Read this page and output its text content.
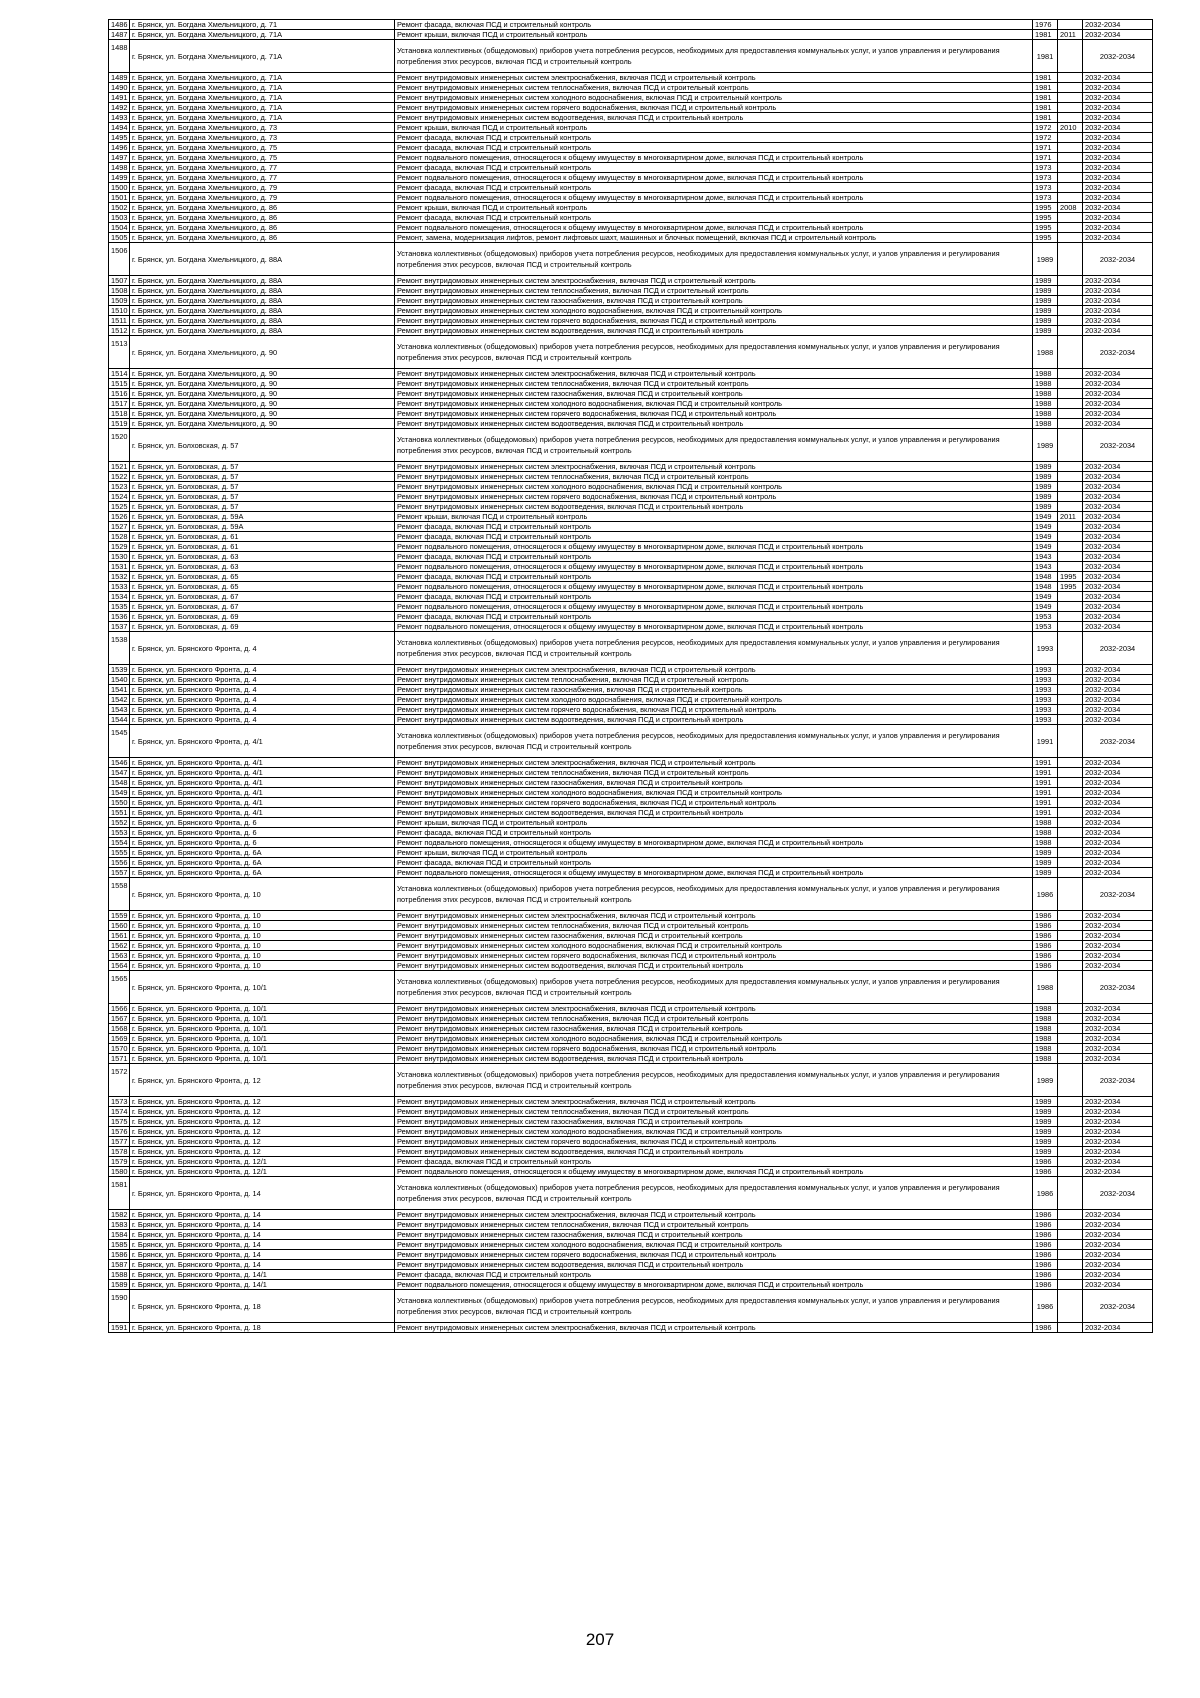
1486	г. Брянск, ул. Богдана Хмельницкого, д. 71	Ремонт фасада, включая ПСД и строительный контроль	1976		2032-2034
1487	г. Брянск, ул. Богдана Хмельницкого, д. 71А	Ремонт крыши, включая ПСД и строительный контроль	1981	2011	2032-2034
1488	г. Брянск, ул. Богдана Хмельницкого, д. 71А	Установка коллективных (общедомовых) приборов учета потребления ресурсов, необходимых для предоставления коммунальных услуг, и узлов управления и регулирования потребления этих ресурсов, включая ПСД и строительный контроль	1981		2032-2034
1489	г. Брянск, ул. Богдана Хмельницкого, д. 71А	Ремонт внутридомовых инженерных систем электроснабжения, включая ПСД и строительный контроль	1981		2032-2034
1490	г. Брянск, ул. Богдана Хмельницкого, д. 71А	Ремонт внутридомовых инженерных систем теплоснабжения, включая ПСД и строительный контроль	1981		2032-2034
1491	г. Брянск, ул. Богдана Хмельницкого, д. 71А	Ремонт внутридомовых инженерных систем холодного водоснабжения, включая ПСД и строительный контроль	1981		2032-2034
1492	г. Брянск, ул. Богдана Хмельницкого, д. 71А	Ремонт внутридомовых инженерных систем горячего водоснабжения, включая ПСД и строительный контроль	1981		2032-2034
1493	г. Брянск, ул. Богдана Хмельницкого, д. 71А	Ремонт внутридомовых инженерных систем водоотведения, включая ПСД и строительный контроль	1981		2032-2034
1494	г. Брянск, ул. Богдана Хмельницкого, д. 73	Ремонт крыши, включая ПСД и строительный контроль	1972	2010	2032-2034
1495	г. Брянск, ул. Богдана Хмельницкого, д. 73	Ремонт фасада, включая ПСД и строительный контроль	1972		2032-2034
1496	г. Брянск, ул. Богдана Хмельницкого, д. 75	Ремонт фасада, включая ПСД и строительный контроль	1971		2032-2034
1497	г. Брянск, ул. Богдана Хмельницкого, д. 75	Ремонт подвального помещения, относящегося к общему имуществу в многоквартирном доме, включая ПСД и строительный контроль	1971		2032-2034
1498	г. Брянск, ул. Богдана Хмельницкого, д. 77	Ремонт фасада, включая ПСД и строительный контроль	1973		2032-2034
1499	г. Брянск, ул. Богдана Хмельницкого, д. 77	Ремонт подвального помещения, относящегося к общему имуществу в многоквартирном доме, включая ПСД и строительный контроль	1973		2032-2034
1500	г. Брянск, ул. Богдана Хмельницкого, д. 79	Ремонт фасада, включая ПСД и строительный контроль	1973		2032-2034
1501	г. Брянск, ул. Богдана Хмельницкого, д. 79	Ремонт подвального помещения, относящегося к общему имуществу в многоквартирном доме, включая ПСД и строительный контроль	1973		2032-2034
1502	г. Брянск, ул. Богдана Хмельницкого, д. 86	Ремонт крыши, включая ПСД и строительный контроль	1995	2008	2032-2034
1503	г. Брянск, ул. Богдана Хмельницкого, д. 86	Ремонт фасада, включая ПСД и строительный контроль	1995		2032-2034
1504	г. Брянск, ул. Богдана Хмельницкого, д. 86	Ремонт подвального помещения, относящегося к общему имуществу в многоквартирном доме, включая ПСД и строительный контроль	1995		2032-2034
1505	г. Брянск, ул. Богдана Хмельницкого, д. 86	Ремонт, замена, модернизация лифтов, ремонт лифтовых шахт, машинных и блочных помещений, включая ПСД и строительный контроль	1995		2032-2034
1506	г. Брянск, ул. Богдана Хмельницкого, д. 88А	Установка коллективных (общедомовых) приборов учета потребления ресурсов, необходимых для предоставления коммунальных услуг, и узлов управления и регулирования потребления этих ресурсов, включая ПСД и строительный контроль	1989		2032-2034
1507	г. Брянск, ул. Богдана Хмельницкого, д. 88А	Ремонт внутридомовых инженерных систем электроснабжения, включая ПСД и строительный контроль	1989		2032-2034
1508	г. Брянск, ул. Богдана Хмельницкого, д. 88А	Ремонт внутридомовых инженерных систем теплоснабжения, включая ПСД и строительный контроль	1989		2032-2034
1509	г. Брянск, ул. Богдана Хмельницкого, д. 88А	Ремонт внутридомовых инженерных систем газоснабжения, включая ПСД и строительный контроль	1989		2032-2034
1510	г. Брянск, ул. Богдана Хмельницкого, д. 88А	Ремонт внутридомовых инженерных систем холодного водоснабжения, включая ПСД и строительный контроль	1989		2032-2034
1511	г. Брянск, ул. Богдана Хмельницкого, д. 88А	Ремонт внутридомовых инженерных систем горячего водоснабжения, включая ПСД и строительный контроль	1989		2032-2034
1512	г. Брянск, ул. Богдана Хмельницкого, д. 88А	Ремонт внутридомовых инженерных систем водоотведения, включая ПСД и строительный контроль	1989		2032-2034
1513	г. Брянск, ул. Богдана Хмельницкого, д. 90	Установка коллективных (общедомовых) приборов учета потребления ресурсов, необходимых для предоставления коммунальных услуг, и узлов управления и регулирования потребления этих ресурсов, включая ПСД и строительный контроль	1988		2032-2034
1514	г. Брянск, ул. Богдана Хмельницкого, д. 90	Ремонт внутридомовых инженерных систем электроснабжения, включая ПСД и строительный контроль	1988		2032-2034
1515	г. Брянск, ул. Богдана Хмельницкого, д. 90	Ремонт внутридомовых инженерных систем теплоснабжения, включая ПСД и строительный контроль	1988		2032-2034
1516	г. Брянск, ул. Богдана Хмельницкого, д. 90	Ремонт внутридомовых инженерных систем газоснабжения, включая ПСД и строительный контроль	1988		2032-2034
1517	г. Брянск, ул. Богдана Хмельницкого, д. 90	Ремонт внутридомовых инженерных систем холодного водоснабжения, включая ПСД и строительный контроль	1988		2032-2034
1518	г. Брянск, ул. Богдана Хмельницкого, д. 90	Ремонт внутридомовых инженерных систем горячего водоснабжения, включая ПСД и строительный контроль	1988		2032-2034
1519	г. Брянск, ул. Богдана Хмельницкого, д. 90	Ремонт внутридомовых инженерных систем водоотведения, включая ПСД и строительный контроль	1988		2032-2034
1520	г. Брянск, ул. Болховская, д. 57	Установка коллективных (общедомовых) приборов учета потребления ресурсов, необходимых для предоставления коммунальных услуг, и узлов управления и регулирования потребления этих ресурсов, включая ПСД и строительный контроль	1989		2032-2034
1521	г. Брянск, ул. Болховская, д. 57	Ремонт внутридомовых инженерных систем электроснабжения, включая ПСД и строительный контроль	1989		2032-2034
1522	г. Брянск, ул. Болховская, д. 57	Ремонт внутридомовых инженерных систем теплоснабжения, включая ПСД и строительный контроль	1989		2032-2034
1523	г. Брянск, ул. Болховская, д. 57	Ремонт внутридомовых инженерных систем холодного водоснабжения, включая ПСД и строительный контроль	1989		2032-2034
1524	г. Брянск, ул. Болховская, д. 57	Ремонт внутридомовых инженерных систем горячего водоснабжения, включая ПСД и строительный контроль	1989		2032-2034
1525	г. Брянск, ул. Болховская, д. 57	Ремонт внутридомовых инженерных систем водоотведения, включая ПСД и строительный контроль	1989		2032-2034
1526	г. Брянск, ул. Болховская, д. 59А	Ремонт крыши, включая ПСД и строительный контроль	1949	2011	2032-2034
1527	г. Брянск, ул. Болховская, д. 59А	Ремонт фасада, включая ПСД и строительный контроль	1949		2032-2034
1528	г. Брянск, ул. Болховская, д. 61	Ремонт фасада, включая ПСД и строительный контроль	1949		2032-2034
1529	г. Брянск, ул. Болховская, д. 61	Ремонт подвального помещения, относящегося к общему имуществу в многоквартирном доме, включая ПСД и строительный контроль	1949		2032-2034
1530	г. Брянск, ул. Болховская, д. 63	Ремонт фасада, включая ПСД и строительный контроль	1943		2032-2034
1531	г. Брянск, ул. Болховская, д. 63	Ремонт подвального помещения, относящегося к общему имуществу в многоквартирном доме, включая ПСД и строительный контроль	1943		2032-2034
1532	г. Брянск, ул. Болховская, д. 65	Ремонт фасада, включая ПСД и строительный контроль	1948	1995	2032-2034
1533	г. Брянск, ул. Болховская, д. 65	Ремонт подвального помещения, относящегося к общему имуществу в многоквартирном доме, включая ПСД и строительный контроль	1948	1995	2032-2034
1534	г. Брянск, ул. Болховская, д. 67	Ремонт фасада, включая ПСД и строительный контроль	1949		2032-2034
1535	г. Брянск, ул. Болховская, д. 67	Ремонт подвального помещения, относящегося к общему имуществу в многоквартирном доме, включая ПСД и строительный контроль	1949		2032-2034
1536	г. Брянск, ул. Болховская, д. 69	Ремонт фасада, включая ПСД и строительный контроль	1953		2032-2034
1537	г. Брянск, ул. Болховская, д. 69	Ремонт подвального помещения, относящегося к общему имуществу в многоквартирном доме, включая ПСД и строительный контроль	1953		2032-2034
1538	г. Брянск, ул. Брянского Фронта, д. 4	Установка коллективных (общедомовых) приборов учета потребления ресурсов, необходимых для предоставления коммунальных услуг, и узлов управления и регулирования потребления этих ресурсов, включая ПСД и строительный контроль	1993		2032-2034
1539	г. Брянск, ул. Брянского Фронта, д. 4	Ремонт внутридомовых инженерных систем электроснабжения, включая ПСД и строительный контроль	1993		2032-2034
1540	г. Брянск, ул. Брянского Фронта, д. 4	Ремонт внутридомовых инженерных систем теплоснабжения, включая ПСД и строительный контроль	1993		2032-2034
1541	г. Брянск, ул. Брянского Фронта, д. 4	Ремонт внутридомовых инженерных систем газоснабжения, включая ПСД и строительный контроль	1993		2032-2034
1542	г. Брянск, ул. Брянского Фронта, д. 4	Ремонт внутридомовых инженерных систем холодного водоснабжения, включая ПСД и строительный контроль	1993		2032-2034
1543	г. Брянск, ул. Брянского Фронта, д. 4	Ремонт внутридомовых инженерных систем горячего водоснабжения, включая ПСД и строительный контроль	1993		2032-2034
1544	г. Брянск, ул. Брянского Фронта, д. 4	Ремонт внутридомовых инженерных систем водоотведения, включая ПСД и строительный контроль	1993		2032-2034
1545	г. Брянск, ул. Брянского Фронта, д. 4/1	Установка коллективных (общедомовых) приборов учета потребления ресурсов, необходимых для предоставления коммунальных услуг, и узлов управления и регулирования потребления этих ресурсов, включая ПСД и строительный контроль	1991		2032-2034
1546	г. Брянск, ул. Брянского Фронта, д. 4/1	Ремонт внутридомовых инженерных систем электроснабжения, включая ПСД и строительный контроль	1991		2032-2034
1547	г. Брянск, ул. Брянского Фронта, д. 4/1	Ремонт внутридомовых инженерных систем теплоснабжения, включая ПСД и строительный контроль	1991		2032-2034
1548	г. Брянск, ул. Брянского Фронта, д. 4/1	Ремонт внутридомовых инженерных систем газоснабжения, включая ПСД и строительный контроль	1991		2032-2034
1549	г. Брянск, ул. Брянского Фронта, д. 4/1	Ремонт внутридомовых инженерных систем холодного водоснабжения, включая ПСД и строительный контроль	1991		2032-2034
1550	г. Брянск, ул. Брянского Фронта, д. 4/1	Ремонт внутридомовых инженерных систем горячего водоснабжения, включая ПСД и строительный контроль	1991		2032-2034
1551	г. Брянск, ул. Брянского Фронта, д. 4/1	Ремонт внутридомовых инженерных систем водоотведения, включая ПСД и строительный контроль	1991		2032-2034
1552	г. Брянск, ул. Брянского Фронта, д. 6	Ремонт крыши, включая ПСД и строительный контроль	1988		2032-2034
1553	г. Брянск, ул. Брянского Фронта, д. 6	Ремонт фасада, включая ПСД и строительный контроль	1988		2032-2034
1554	г. Брянск, ул. Брянского Фронта, д. 6	Ремонт подвального помещения, относящегося к общему имуществу в многоквартирном доме, включая ПСД и строительный контроль	1988		2032-2034
1555	г. Брянск, ул. Брянского Фронта, д. 6А	Ремонт крыши, включая ПСД и строительный контроль	1989		2032-2034
1556	г. Брянск, ул. Брянского Фронта, д. 6А	Ремонт фасада, включая ПСД и строительный контроль	1989		2032-2034
1557	г. Брянск, ул. Брянского Фронта, д. 6А	Ремонт подвального помещения, относящегося к общему имуществу в многоквартирном доме, включая ПСД и строительный контроль	1989		2032-2034
1558	г. Брянск, ул. Брянского Фронта, д. 10	Установка коллективных (общедомовых) приборов учета потребления ресурсов, необходимых для предоставления коммунальных услуг, и узлов управления и регулирования потребления этих ресурсов, включая ПСД и строительный контроль	1986		2032-2034
1559	г. Брянск, ул. Брянского Фронта, д. 10	Ремонт внутридомовых инженерных систем электроснабжения, включая ПСД и строительный контроль	1986		2032-2034
1560	г. Брянск, ул. Брянского Фронта, д. 10	Ремонт внутридомовых инженерных систем теплоснабжения, включая ПСД и строительный контроль	1986		2032-2034
1561	г. Брянск, ул. Брянского Фронта, д. 10	Ремонт внутридомовых инженерных систем газоснабжения, включая ПСД и строительный контроль	1986		2032-2034
1562	г. Брянск, ул. Брянского Фронта, д. 10	Ремонт внутридомовых инженерных систем холодного водоснабжения, включая ПСД и строительный контроль	1986		2032-2034
1563	г. Брянск, ул. Брянского Фронта, д. 10	Ремонт внутридомовых инженерных систем горячего водоснабжения, включая ПСД и строительный контроль	1986		2032-2034
1564	г. Брянск, ул. Брянского Фронта, д. 10	Ремонт внутридомовых инженерных систем водоотведения, включая ПСД и строительный контроль	1986		2032-2034
1565	г. Брянск, ул. Брянского Фронта, д. 10/1	Установка коллективных (общедомовых) приборов учета потребления ресурсов, необходимых для предоставления коммунальных услуг, и узлов управления и регулирования потребления этих ресурсов, включая ПСД и строительный контроль	1988		2032-2034
1566	г. Брянск, ул. Брянского Фронта, д. 10/1	Ремонт внутридомовых инженерных систем электроснабжения, включая ПСД и строительный контроль	1988		2032-2034
1567	г. Брянск, ул. Брянского Фронта, д. 10/1	Ремонт внутридомовых инженерных систем теплоснабжения, включая ПСД и строительный контроль	1988		2032-2034
1568	г. Брянск, ул. Брянского Фронта, д. 10/1	Ремонт внутридомовых инженерных систем газоснабжения, включая ПСД и строительный контроль	1988		2032-2034
1569	г. Брянск, ул. Брянского Фронта, д. 10/1	Ремонт внутридомовых инженерных систем холодного водоснабжения, включая ПСД и строительный контроль	1988		2032-2034
1570	г. Брянск, ул. Брянского Фронта, д. 10/1	Ремонт внутридомовых инженерных систем горячего водоснабжения, включая ПСД и строительный контроль	1988		2032-2034
1571	г. Брянск, ул. Брянского Фронта, д. 10/1	Ремонт внутридомовых инженерных систем водоотведения, включая ПСД и строительный контроль	1988		2032-2034
1572	г. Брянск, ул. Брянского Фронта, д. 12	Установка коллективных (общедомовых) приборов учета потребления ресурсов, необходимых для предоставления коммунальных услуг, и узлов управления и регулирования потребления этих ресурсов, включая ПСД и строительный контроль	1989		2032-2034
1573	г. Брянск, ул. Брянского Фронта, д. 12	Ремонт внутридомовых инженерных систем электроснабжения, включая ПСД и строительный контроль	1989		2032-2034
1574	г. Брянск, ул. Брянского Фронта, д. 12	Ремонт внутридомовых инженерных систем теплоснабжения, включая ПСД и строительный контроль	1989		2032-2034
1575	г. Брянск, ул. Брянского Фронта, д. 12	Ремонт внутридомовых инженерных систем газоснабжения, включая ПСД и строительный контроль	1989		2032-2034
1576	г. Брянск, ул. Брянского Фронта, д. 12	Ремонт внутридомовых инженерных систем холодного водоснабжения, включая ПСД и строительный контроль	1989		2032-2034
1577	г. Брянск, ул. Брянского Фронта, д. 12	Ремонт внутридомовых инженерных систем горячего водоснабжения, включая ПСД и строительный контроль	1989		2032-2034
1578	г. Брянск, ул. Брянского Фронта, д. 12	Ремонт внутридомовых инженерных систем водоотведения, включая ПСД и строительный контроль	1989		2032-2034
1579	г. Брянск, ул. Брянского Фронта, д. 12/1	Ремонт фасада, включая ПСД и строительный контроль	1986		2032-2034
1580	г. Брянск, ул. Брянского Фронта, д. 12/1	Ремонт подвального помещения, относящегося к общему имуществу в многоквартирном доме, включая ПСД и строительный контроль	1986		2032-2034
1581	г. Брянск, ул. Брянского Фронта, д. 14	Установка коллективных (общедомовых) приборов учета потребления ресурсов, необходимых для предоставления коммунальных услуг, и узлов управления и регулирования потребления этих ресурсов, включая ПСД и строительный контроль	1986		2032-2034
1582	г. Брянск, ул. Брянского Фронта, д. 14	Ремонт внутридомовых инженерных систем электроснабжения, включая ПСД и строительный контроль	1986		2032-2034
1583	г. Брянск, ул. Брянского Фронта, д. 14	Ремонт внутридомовых инженерных систем теплоснабжения, включая ПСД и строительный контроль	1986		2032-2034
1584	г. Брянск, ул. Брянского Фронта, д. 14	Ремонт внутридомовых инженерных систем газоснабжения, включая ПСД и строительный контроль	1986		2032-2034
1585	г. Брянск, ул. Брянского Фронта, д. 14	Ремонт внутридомовых инженерных систем холодного водоснабжения, включая ПСД и строительный контроль	1986		2032-2034
1586	г. Брянск, ул. Брянского Фронта, д. 14	Ремонт внутридомовых инженерных систем горячего водоснабжения, включая ПСД и строительный контроль	1986		2032-2034
1587	г. Брянск, ул. Брянского Фронта, д. 14	Ремонт внутридомовых инженерных систем водоотведения, включая ПСД и строительный контроль	1986		2032-2034
1588	г. Брянск, ул. Брянского Фронта, д. 14/1	Ремонт фасада, включая ПСД и строительный контроль	1986		2032-2034
1589	г. Брянск, ул. Брянского Фронта, д. 14/1	Ремонт подвального помещения, относящегося к общему имуществу в многоквартирном доме, включая ПСД и строительный контроль	1986		2032-2034
1590	г. Брянск, ул. Брянского Фронта, д. 18	Установка коллективных (общедомовых) приборов учета потребления ресурсов, необходимых для предоставления коммунальных услуг, и узлов управления и регулирования потребления этих ресурсов, включая ПСД и строительный контроль	1986		2032-2034
1591	г. Брянск, ул. Брянского Фронта, д. 18	Ремонт внутридомовых инженерных систем электроснабжения, включая ПСД и строительный контроль	1986		2032-2034
207
